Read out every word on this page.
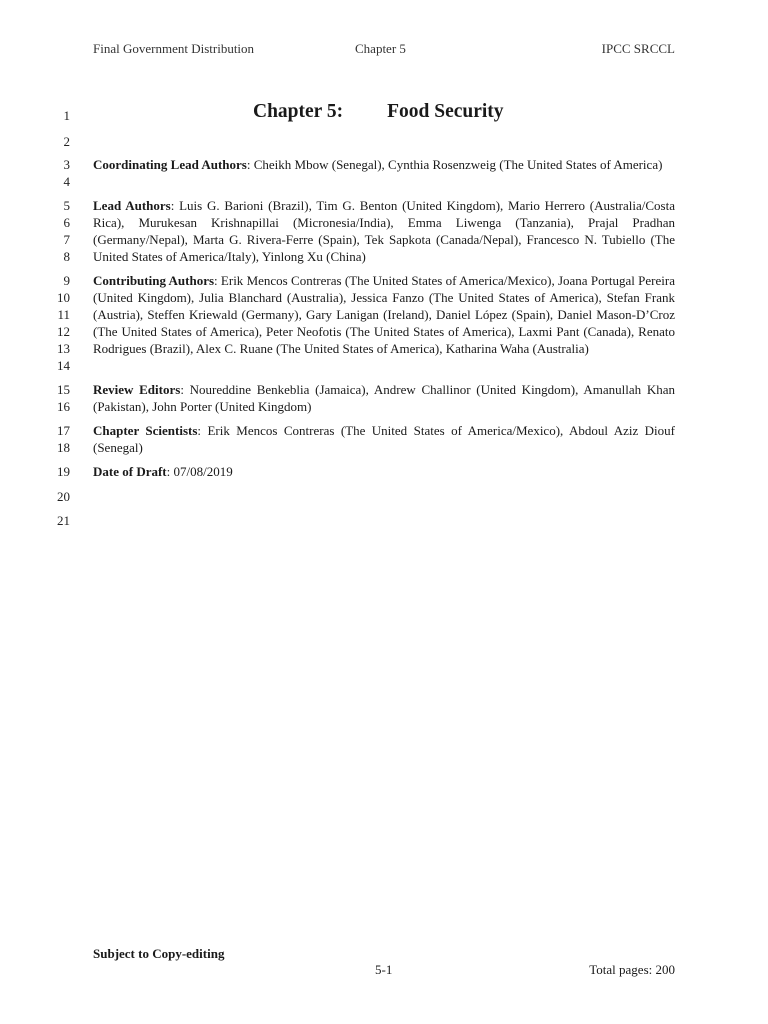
Final Government Distribution	Chapter 5	IPCC SRCCL
1
2
3
4
5
6
7
8
9
10
11
12
13
14
15
16
17
18
19
20
21
Chapter 5: Food Security
Coordinating Lead Authors: Cheikh Mbow (Senegal), Cynthia Rosenzweig (The United States of America)
Lead Authors: Luis G. Barioni (Brazil), Tim G. Benton (United Kingdom), Mario Herrero (Australia/Costa Rica), Murukesan Krishnapillai (Micronesia/India), Emma Liwenga (Tanzania), Prajal Pradhan (Germany/Nepal), Marta G. Rivera-Ferre (Spain), Tek Sapkota (Canada/Nepal), Francesco N. Tubiello (The United States of America/Italy), Yinlong Xu (China)
Contributing Authors: Erik Mencos Contreras (The United States of America/Mexico), Joana Portugal Pereira (United Kingdom), Julia Blanchard (Australia), Jessica Fanzo (The United States of America), Stefan Frank (Austria), Steffen Kriewald (Germany), Gary Lanigan (Ireland), Daniel López (Spain), Daniel Mason-D’Croz (The United States of America), Peter Neofotis (The United States of America), Laxmi Pant (Canada), Renato Rodrigues (Brazil), Alex C. Ruane (The United States of America), Katharina Waha (Australia)
Review Editors: Noureddine Benkeblia (Jamaica), Andrew Challinor (United Kingdom), Amanullah Khan (Pakistan), John Porter (United Kingdom)
Chapter Scientists: Erik Mencos Contreras (The United States of America/Mexico), Abdoul Aziz Diouf (Senegal)
Date of Draft: 07/08/2019
Subject to Copy-editing
5-1	Total pages: 200
